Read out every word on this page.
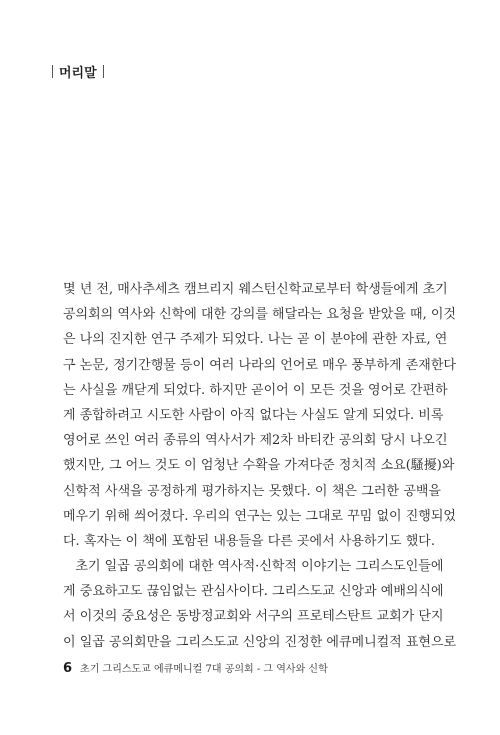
머리말
몇 년 전, 매사추세츠 캠브리지 웨스턴신학교로부터 학생들에게 초기
공의회의 역사와 신학에 대한 강의를 해달라는 요청을 받았을 때, 이것
은 나의 진지한 연구 주제가 되었다. 나는 곧 이 분야에 관한 자료, 연
구 논문, 정기간행물 등이 여러 나라의 언어로 매우 풍부하게 존재한다
는 사실을 깨닫게 되었다. 하지만 곧이어 이 모든 것을 영어로 간편하
게 종합하려고 시도한 사람이 아직 없다는 사실도 알게 되었다. 비록
영어로 쓰인 여러 종류의 역사서가 제2차 바티칸 공의회 당시 나오긴
했지만, 그 어느 것도 이 엄청난 수확을 가져다준 정치적 소요(騷擾)와
신학적 사색을 공정하게 평가하지는 못했다. 이 책은 그러한 공백을
메우기 위해 씌어졌다. 우리의 연구는 있는 그대로 꾸밈 없이 진행되었
다. 혹자는 이 책에 포함된 내용들을 다른 곳에서 사용하기도 했다.
초기 일곱 공의회에 대한 역사적·신학적 이야기는 그리스도인들에
게 중요하고도 끊임없는 관심사이다. 그리스도교 신앙과 예배의식에
서 이것의 중요성은 동방정교회와 서구의 프로테스탄트 교회가 단지
이 일곱 공의회만을 그리스도교 신앙의 진정한 에큐메니컬적 표현으로
6 초기 그리스도교 에큐메니컬 7대 공의회 - 그 역사와 신학
